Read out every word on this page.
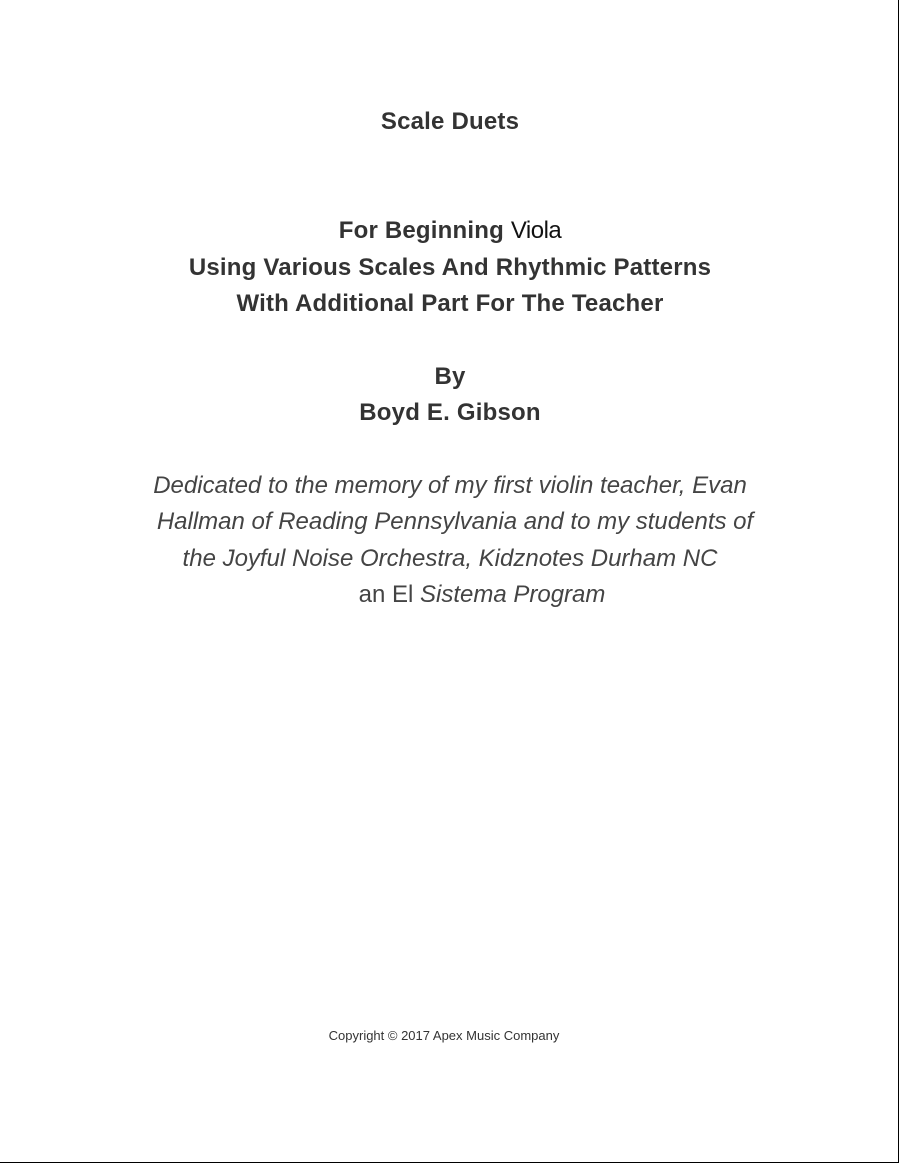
Scale Duets
For Beginning Viola
Using Various Scales And Rhythmic Patterns
With Additional Part For The Teacher
By
Boyd E. Gibson
Dedicated to the memory of my first violin teacher, Evan
Hallman of Reading Pennsylvania and to my students of
the Joyful Noise Orchestra, Kidznotes Durham NC
an El Sistema Program
Copyright © 2017 Apex Music Company
